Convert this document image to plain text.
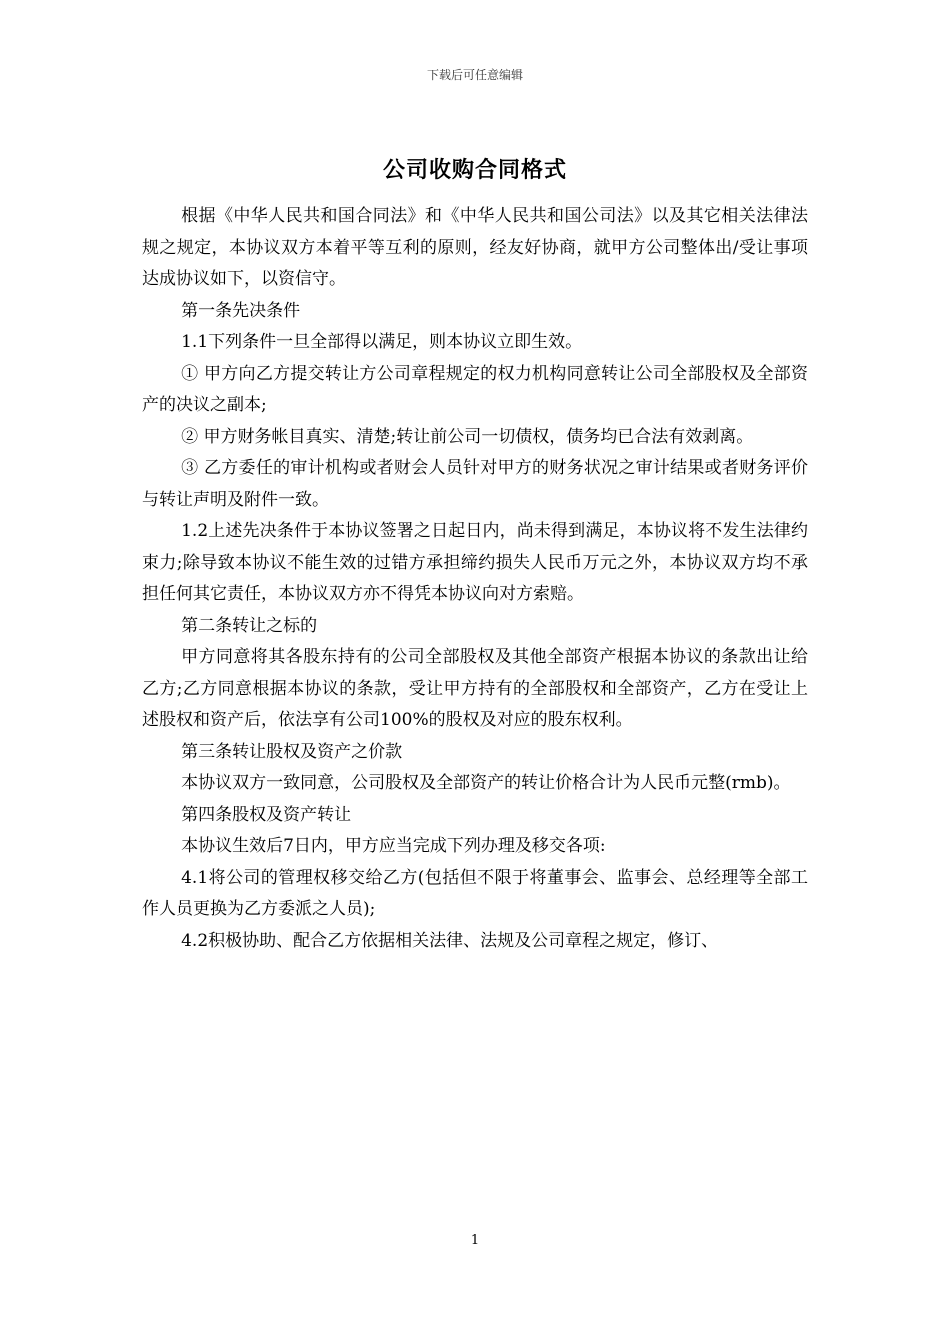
下载后可任意编辑
公司收购合同格式

根据《中华人民共和国合同法》和《中华人民共和国公司法》以及其它相关法律法规之规定，本协议双方本着平等互利的原则，经友好协商，就甲方公司整体出/受让事项达成协议如下，以资信守。

第一条先决条件

1.1下列条件一旦全部得以满足，则本协议立即生效。

① 甲方向乙方提交转让方公司章程规定的权力机构同意转让公司全部股权及全部资产的决议之副本;

② 甲方财务帐目真实、清楚;转让前公司一切债权，债务均已合法有效剥离。

③ 乙方委任的审计机构或者财会人员针对甲方的财务状况之审计结果或者财务评价与转让声明及附件一致。

1.2上述先决条件于本协议签署之日起日内，尚未得到满足，本协议将不发生法律约束力;除导致本协议不能生效的过错方承担缔约损失人民币万元之外，本协议双方均不承担任何其它责任，本协议双方亦不得凭本协议向对方索赔。

第二条转让之标的

甲方同意将其各股东持有的公司全部股权及其他全部资产根据本协议的条款出让给乙方;乙方同意根据本协议的条款，受让甲方持有的全部股权和全部资产，乙方在受让上述股权和资产后，依法享有公司100%的股权及对应的股东权利。

第三条转让股权及资产之价款

本协议双方一致同意，公司股权及全部资产的转让价格合计为人民币元整(rmb)。

第四条股权及资产转让

本协议生效后7日内，甲方应当完成下列办理及移交各项:

4.1将公司的管理权移交给乙方(包括但不限于将董事会、监事会、总经理等全部工作人员更换为乙方委派之人员);

4.2积极协助、配合乙方依据相关法律、法规及公司章程之规定，修订、

1
